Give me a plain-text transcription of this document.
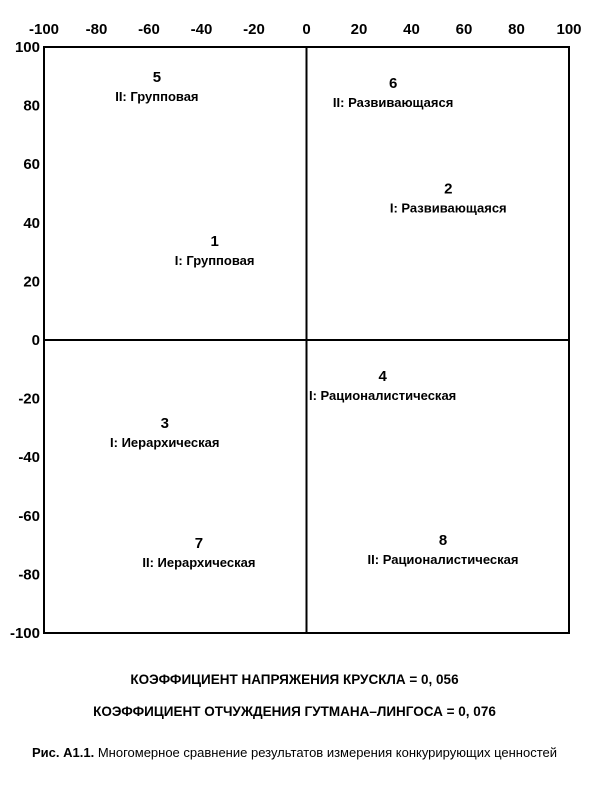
-100 -80 -60 -40 -20 0	20 40 60 80 100
100
80
60
40
20
0
-20
-40
-60
-80
-100
1
I: Групповая
2
I: Развивающаяся
3
I: Иерархическая
4
I: Рационалистическая
5
II: Групповая
6
II: Развивающаяся
7
II: Иерархическая
8
II: Рационалистическая
КОЭФФИЦИЕНТ НАПРЯЖЕНИЯ КРУСКЛА = 0, 056
КОЭФФИЦИЕНТ ОТЧУЖДЕНИЯ ГУТМАНА–ЛИНГОСА = 0, 076
Рис. А1.1. Многомерное сравнение результатов измерения конкурирующих ценностей
